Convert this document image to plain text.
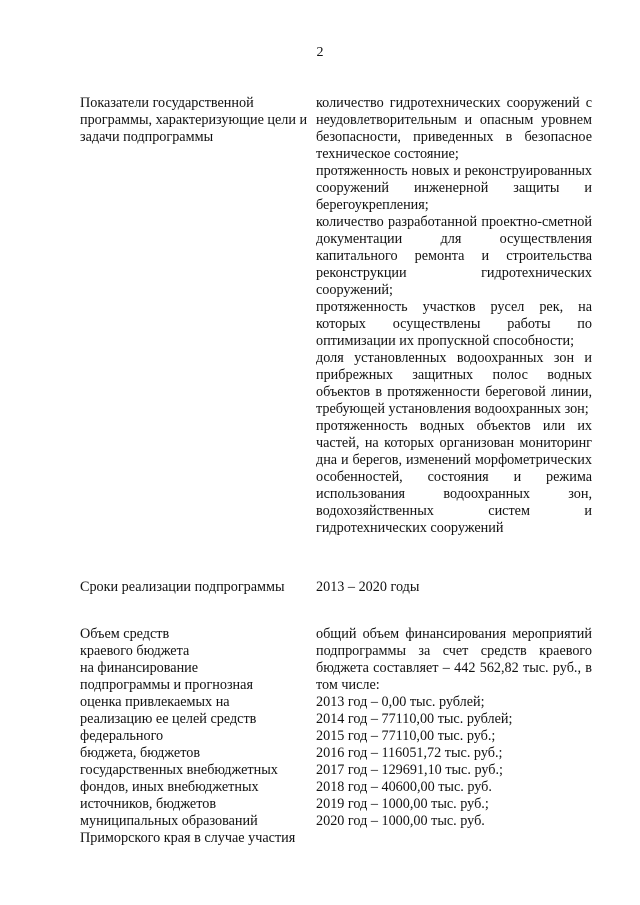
2
Показатели государственной программы, характеризующие цели и задачи подпрограммы

количество гидротехнических сооружений с неудовлетворительным и опасным уровнем безопасности, приведенных в безопасное техническое состояние;

протяженность новых и реконструированных сооружений инженерной защиты и берегоукрепления;

количество разработанной проектно-сметной документации для осуществления капитального ремонта и строительства реконструкции гидротехнических сооружений;

протяженность участков русел рек, на которых осуществлены работы по оптимизации их пропускной способности;

доля установленных водоохранных зон и прибрежных защитных полос водных объектов в протяженности береговой линии, требующей установления водоохранных зон;

протяженность водных объектов или их частей, на которых организован мониторинг дна и берегов, изменений морфометрических особенностей, состояния и режима использования водоохранных зон, водохозяйственных систем и гидротехнических сооружений

Сроки реализации подпрограммы	2013 – 2020 годы
Объем средств
краевого бюджета
на финансирование
подпрограммы и прогнозная
оценка привлекаемых на
реализацию ее целей средств
федерального
бюджета, бюджетов
государственных внебюджетных
фондов, иных внебюджетных
источников, бюджетов
муниципальных образований
Приморского края в случае участия

общий объем финансирования мероприятий подпрограммы за счет средств краевого бюджета составляет – 442 562,82 тыс. руб., в том числе:

2013 год – 0,00 тыс. рублей;
2014 год – 77110,00 тыс. рублей;
2015 год – 77110,00 тыс. руб.;
2016 год – 116051,72 тыс. руб.;
2017 год – 129691,10 тыс. руб.;
2018 год – 40600,00 тыс. руб.
2019 год – 1000,00 тыс. руб.;
2020 год – 1000,00 тыс. руб.
